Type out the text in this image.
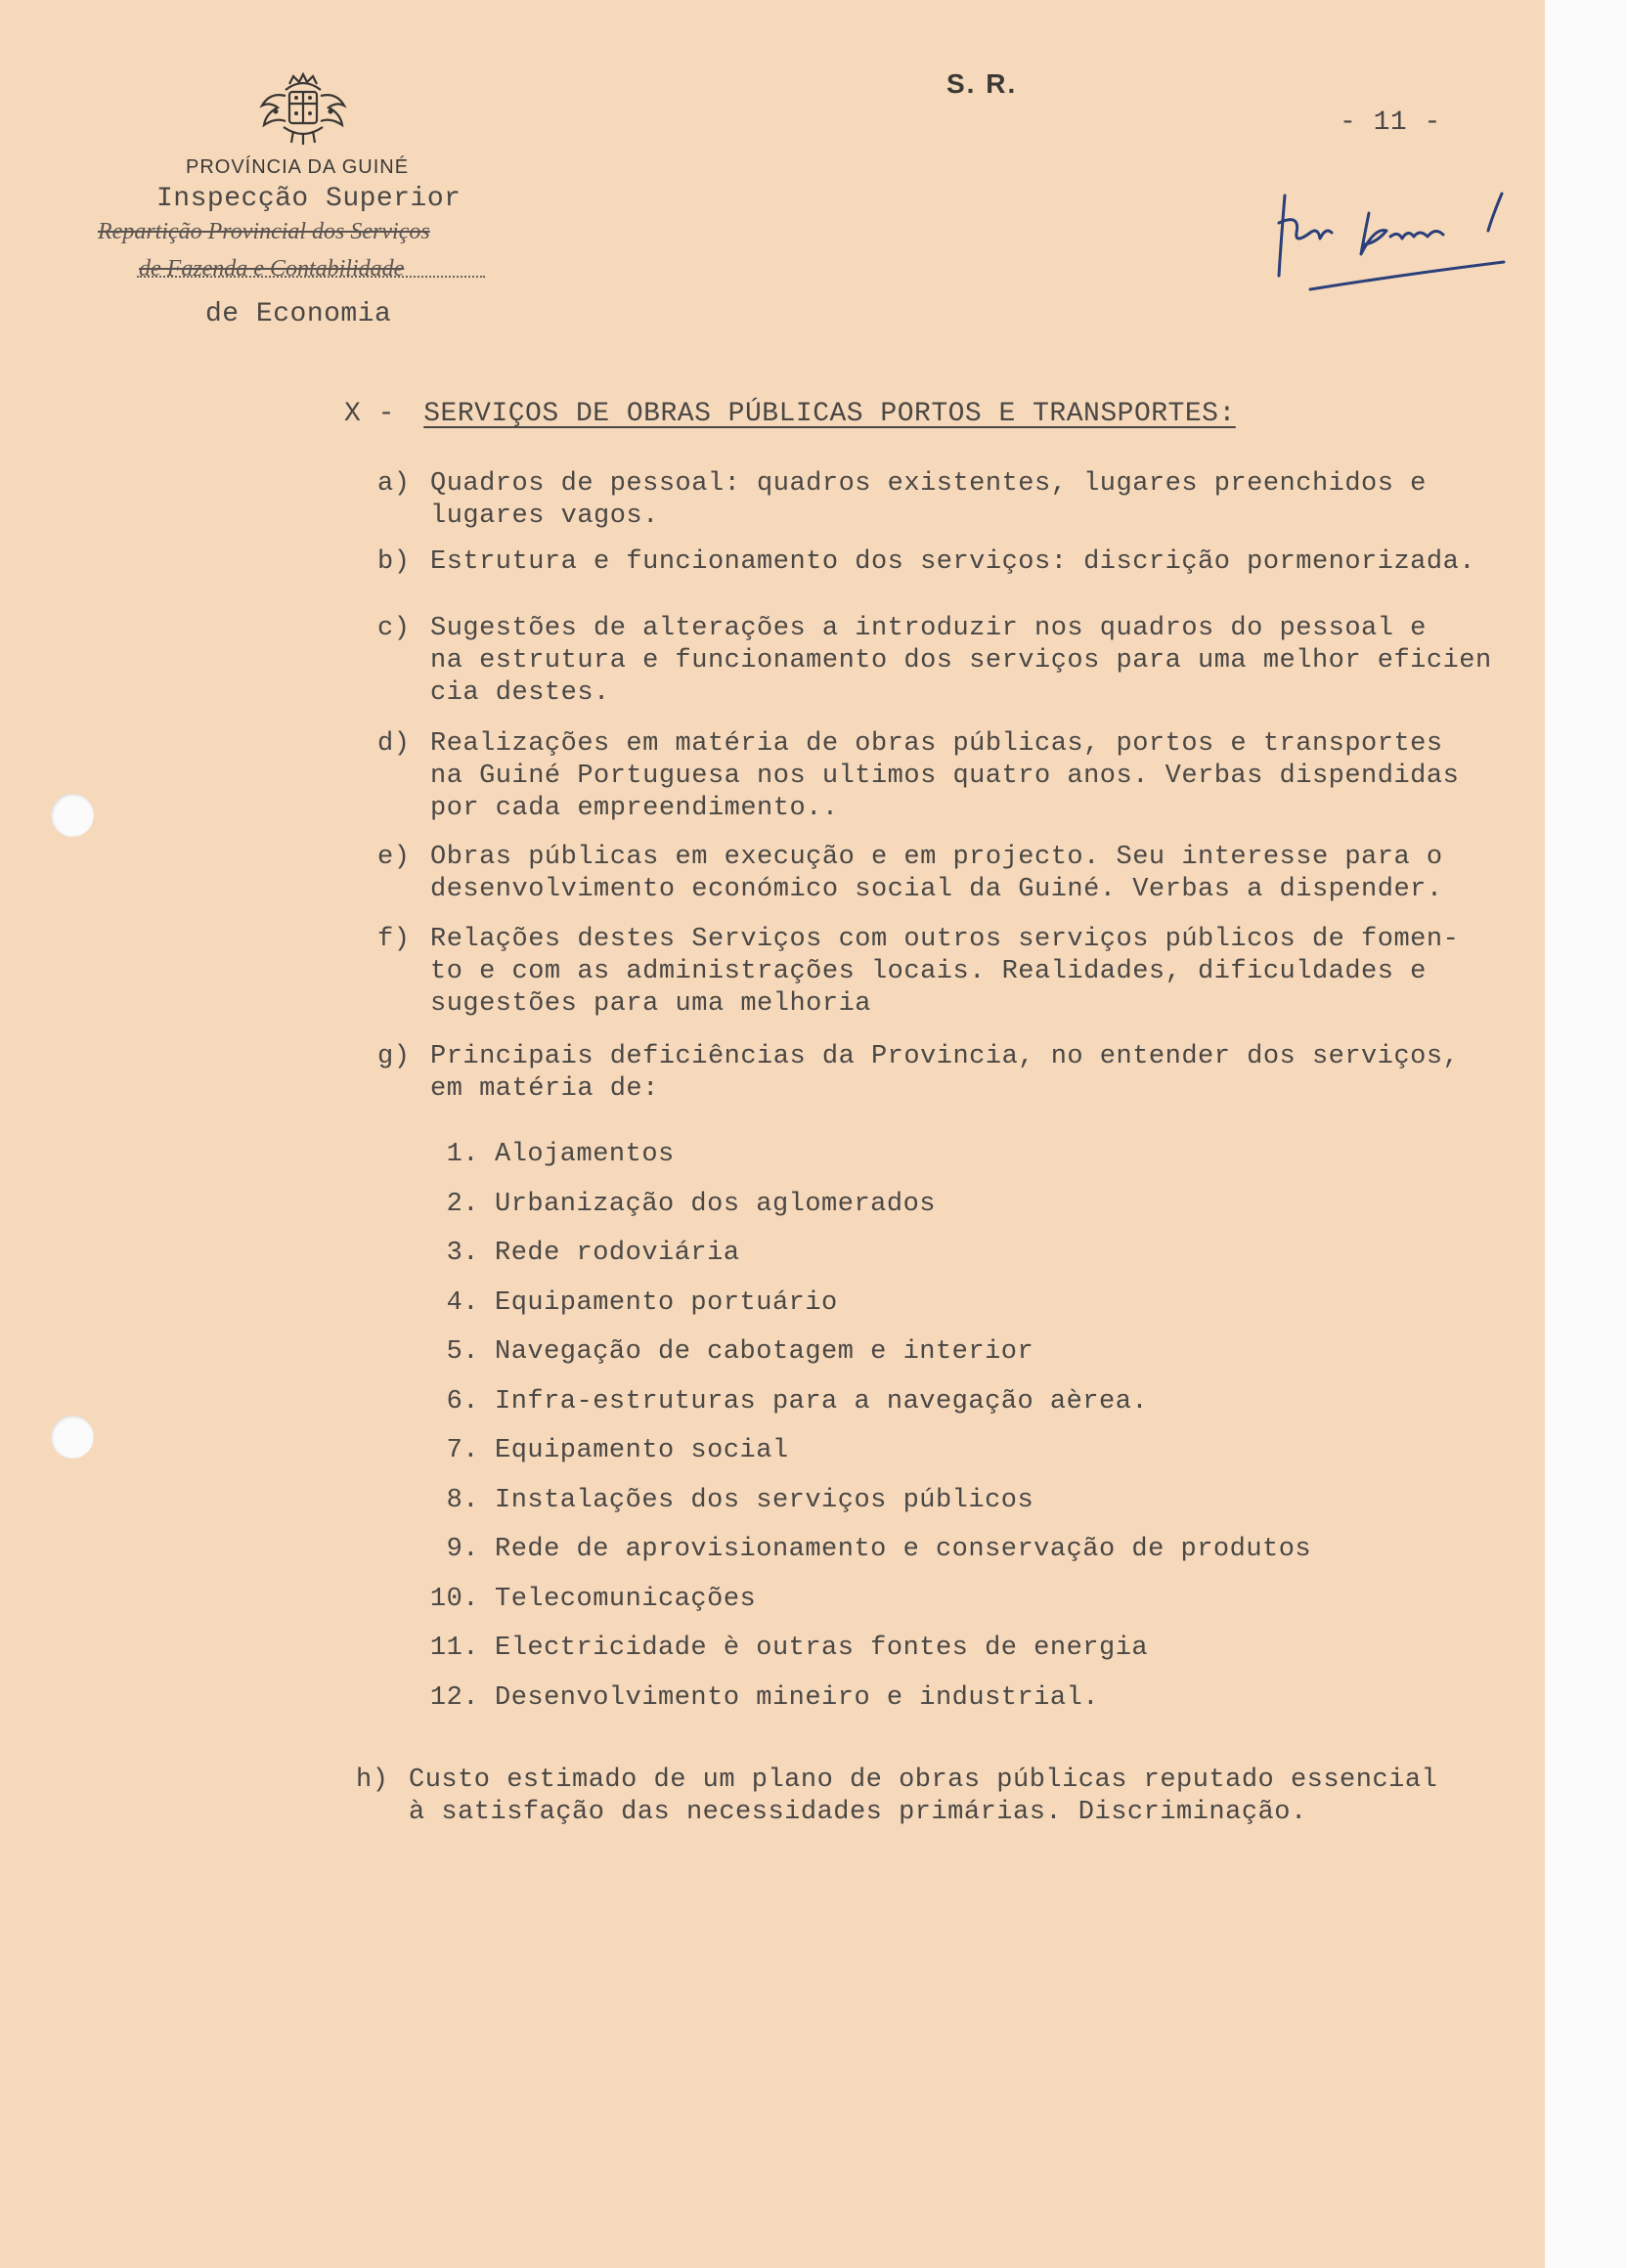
PROVÍNCIA DA GUINÉ
Inspecção Superior
Repartição Provincial dos Serviços
de Fazenda e Contabilidade
de Economia
S. R.
- 11 -
X - SERVIÇOS DE OBRAS PÚBLICAS PORTOS E TRANSPORTES:
a) Quadros de pessoal: quadros existentes, lugares preenchidos e
lugares vagos.
b) Estrutura e funcionamento dos serviços: discrição pormenorizada.
c) Sugestões de alterações a introduzir nos quadros do pessoal e
na estrutura e funcionamento dos serviços para uma melhor eficien
cia destes.
d) Realizações em matéria de obras públicas, portos e transportes
na Guiné Portuguesa nos ultimos quatro anos. Verbas dispendidas
por cada empreendimento..
e) Obras públicas em execução e em projecto. Seu interesse para o
desenvolvimento económico social da Guiné. Verbas a dispender.
f) Relações destes Serviços com outros serviços públicos de fomen-
to e com as administrações locais. Realidades, dificuldades e
sugestões para uma melhoria
g) Principais deficiências da Provincia, no entender dos serviços,
em matéria de:
1. Alojamentos
2. Urbanização dos aglomerados
3. Rede rodoviária
4. Equipamento portuário
5. Navegação de cabotagem e interior
6. Infra-estruturas para a navegação aèrea.
7. Equipamento social
8. Instalações dos serviços públicos
9. Rede de aprovisionamento e conservação de produtos
10. Telecomunicações
11. Electricidade è outras fontes de energia
12. Desenvolvimento mineiro e industrial.
h) Custo estimado de um plano de obras públicas reputado essencial
à satisfação das necessidades primárias. Discriminação.
